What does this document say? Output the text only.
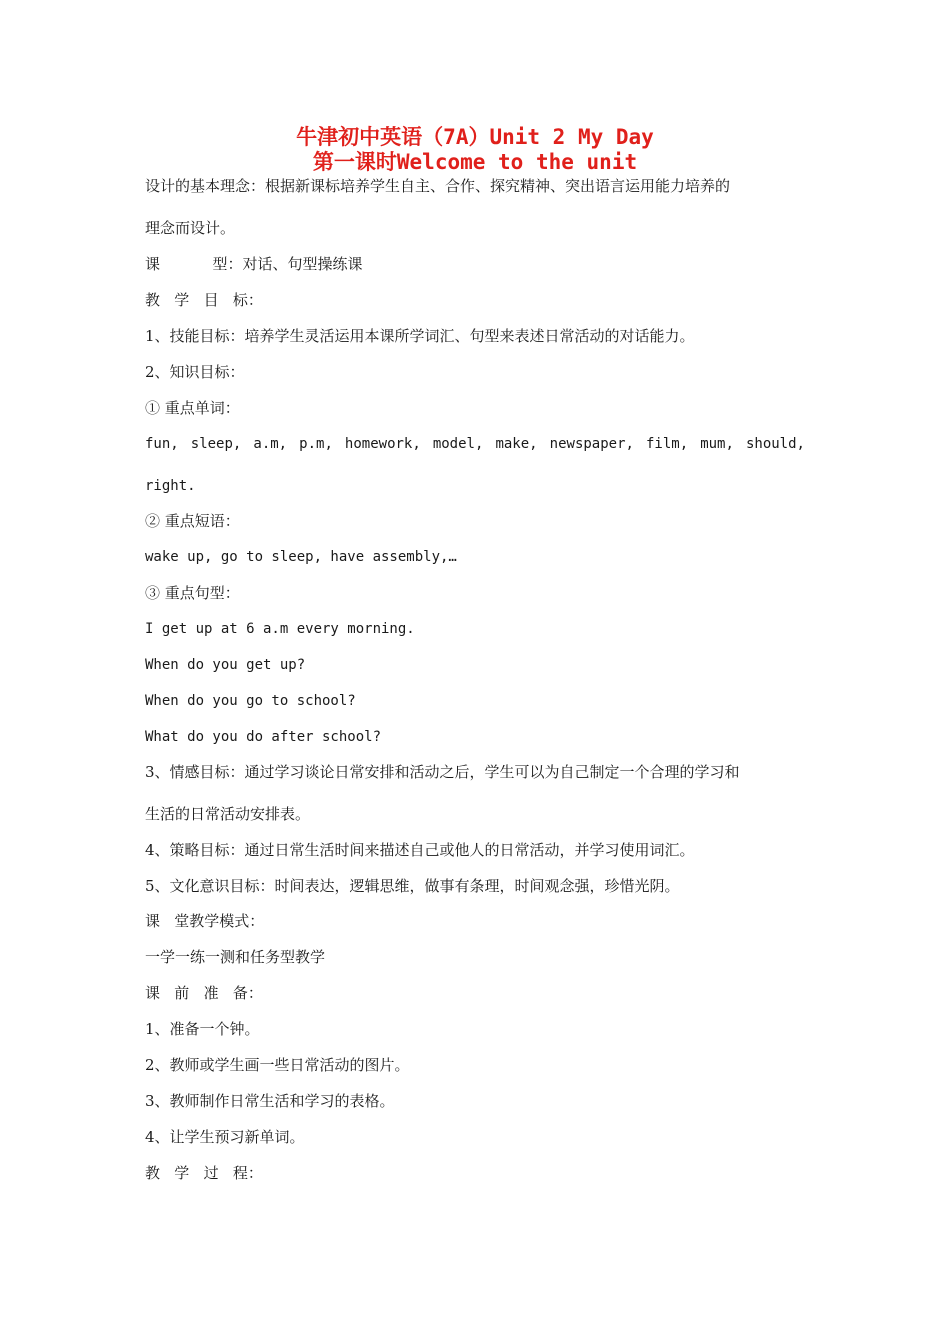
牛津初中英语（7A）Unit 2 My Day
第一课时Welcome to the unit
设计的基本理念：根据新课标培养学生自主、合作、探究精神、突出语言运用能力培养的
理念而设计。
课           型：对话、句型操练课
教   学   目   标：
1、技能目标：培养学生灵活运用本课所学词汇、句型来表述日常活动的对话能力。
2、知识目标：
① 重点单词：
fun, sleep, a.m, p.m, homework, model, make, newspaper, film, mum, should,
right.
② 重点短语：
wake up, go to sleep, have assembly,…
③ 重点句型：
I get up at 6 a.m every morning.
When do you get up?
When do you go to school?
What do you do after school?
3、情感目标：通过学习谈论日常安排和活动之后，学生可以为自己制定一个合理的学习和
生活的日常活动安排表。
4、策略目标：通过日常生活时间来描述自己或他人的日常活动，并学习使用词汇。
5、文化意识目标：时间表达，逻辑思维，做事有条理，时间观念强，珍惜光阴。
课   堂教学模式：
一学一练一测和任务型教学
课   前   准   备：
1、准备一个钟。
2、教师或学生画一些日常活动的图片。
3、教师制作日常生活和学习的表格。
4、让学生预习新单词。
教   学   过   程：
